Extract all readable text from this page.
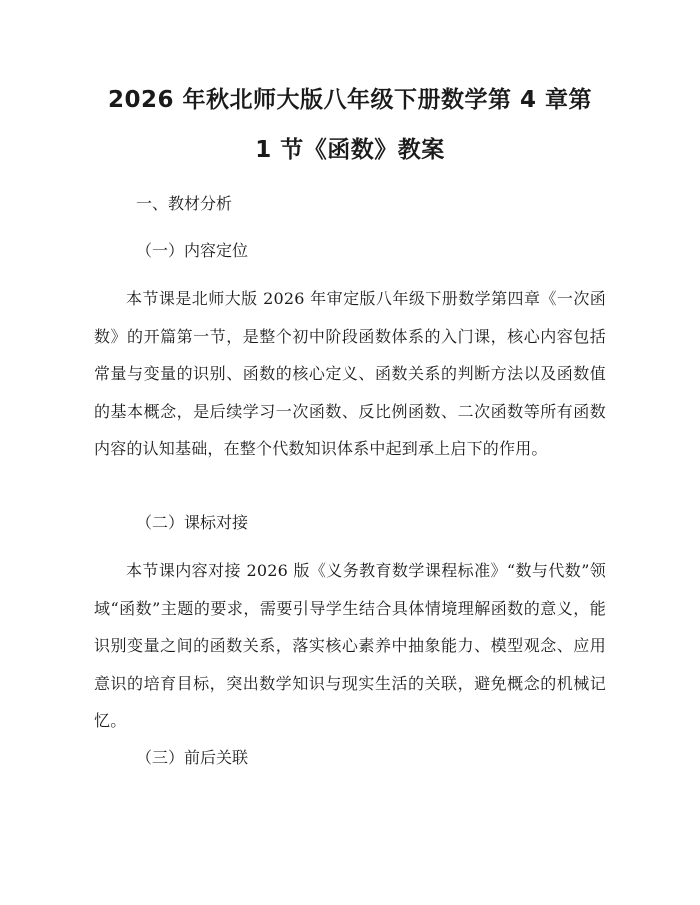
2026 年秋北师大版八年级下册数学第 4 章第
1 节《函数》教案

一、教材分析

（一）内容定位

本节课是北师大版 2026 年审定版八年级下册数学第四章《一次函数》的开篇第一节，是整个初中阶段函数体系的入门课，核心内容包括常量与变量的识别、函数的核心定义、函数关系的判断方法以及函数值的基本概念，是后续学习一次函数、反比例函数、二次函数等所有函数内容的认知基础，在整个代数知识体系中起到承上启下的作用。

（二）课标对接

本节课内容对接 2026 版《义务教育数学课程标准》“数与代数”领域“函数”主题的要求，需要引导学生结合具体情境理解函数的意义，能识别变量之间的函数关系，落实核心素养中抽象能力、模型观念、应用意识的培育目标，突出数学知识与现实生活的关联，避免概念的机械记忆。

（三）前后关联
